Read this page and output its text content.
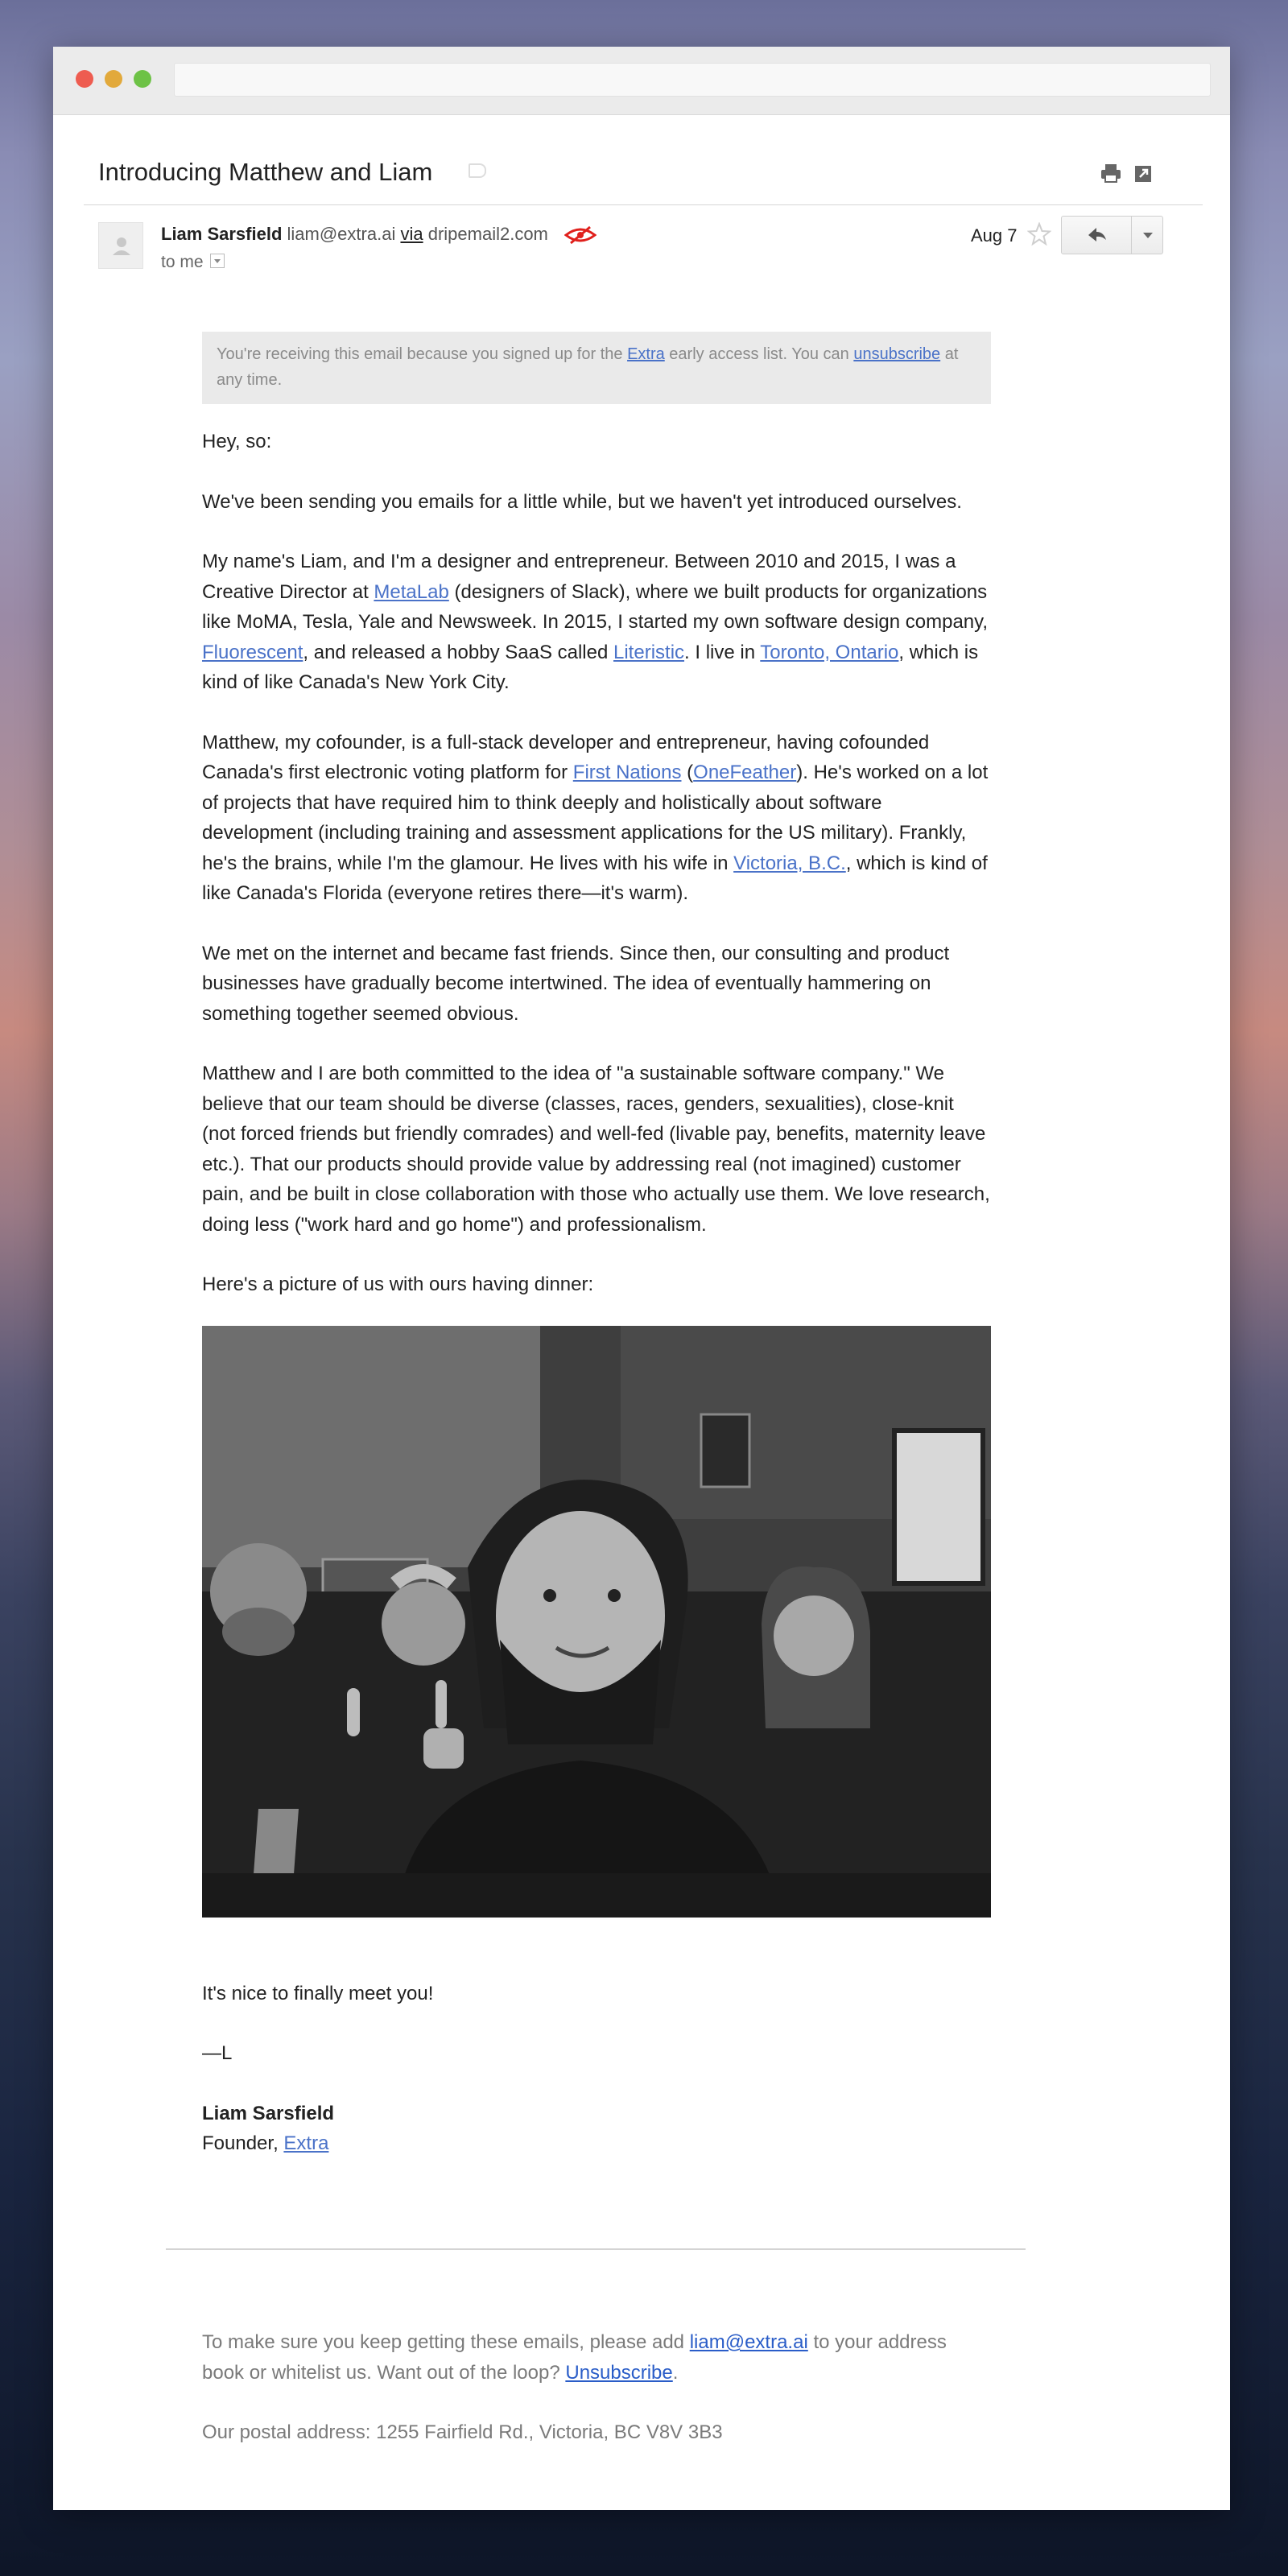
Introducing Matthew and Liam
Liam Sarsfield liam@extra.ai via dripemail2.com
to me
Aug 7
You're receiving this email because you signed up for the Extra early access list. You can unsubscribe at any time.

Hey, so:

We've been sending you emails for a little while, but we haven't yet introduced ourselves.

My name's Liam, and I'm a designer and entrepreneur. Between 2010 and 2015, I was a Creative Director at MetaLab (designers of Slack), where we built products for organizations like MoMA, Tesla, Yale and Newsweek. In 2015, I started my own software design company, Fluorescent, and released a hobby SaaS called Literistic. I live in Toronto, Ontario, which is kind of like Canada's New York City.

Matthew, my cofounder, is a full-stack developer and entrepreneur, having cofounded Canada's first electronic voting platform for First Nations (OneFeather). He's worked on a lot of projects that have required him to think deeply and holistically about software development (including training and assessment applications for the US military). Frankly, he's the brains, while I'm the glamour. He lives with his wife in Victoria, B.C., which is kind of like Canada's Florida (everyone retires there—it's warm).

We met on the internet and became fast friends. Since then, our consulting and product businesses have gradually become intertwined. The idea of eventually hammering on something together seemed obvious.

Matthew and I are both committed to the idea of "a sustainable software company." We believe that our team should be diverse (classes, races, genders, sexualities), close-knit (not forced friends but friendly comrades) and well-fed (livable pay, benefits, maternity leave etc.). That our products should provide value by addressing real (not imagined) customer pain, and be built in close collaboration with those who actually use them. We love research, doing less ("work hard and go home") and professionalism.

Here's a picture of us with ours having dinner:

It's nice to finally meet you!

—L

Liam Sarsfield
Founder, Extra

To make sure you keep getting these emails, please add liam@extra.ai to your address book or whitelist us. Want out of the loop? Unsubscribe.

Our postal address: 1255 Fairfield Rd., Victoria, BC V8V 3B3
